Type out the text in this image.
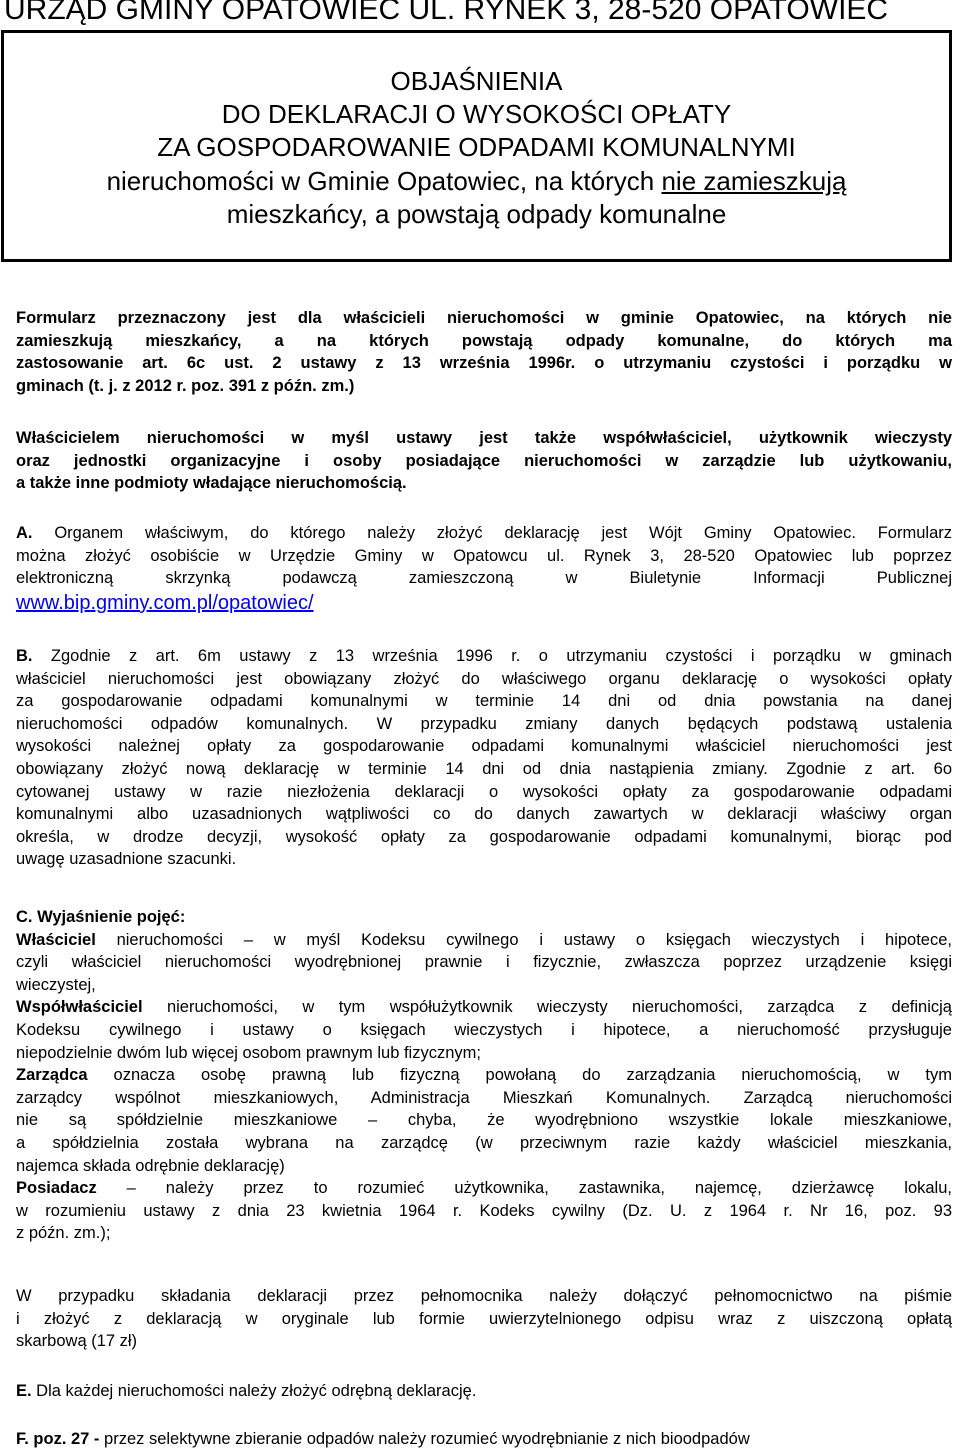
URZĄD GMINY OPATOWIEC UL. RYNEK 3, 28-520 OPATOWIEC
OBJAŚNIENIA
DO DEKLARACJI O WYSOKOŚCI OPŁATY
ZA GOSPODAROWANIE ODPADAMI KOMUNALNYMI
nieruchomości w Gminie Opatowiec, na których nie zamieszkują
mieszkańcy, a powstają odpady komunalne
Formularz przeznaczony jest dla właścicieli nieruchomości w gminie Opatowiec, na których nie
zamieszkują mieszkańcy, a na których powstają odpady komunalne, do których ma
zastosowanie art. 6c ust. 2 ustawy z 13 września 1996r. o utrzymaniu czystości i porządku w
gminach (t. j. z 2012 r. poz. 391 z późn. zm.)
Właścicielem nieruchomości w myśl ustawy jest także współwłaściciel, użytkownik wieczysty
oraz jednostki organizacyjne i osoby posiadające nieruchomości w zarządzie lub użytkowaniu,
a także inne podmioty władające nieruchomością.
A. Organem właściwym, do którego należy złożyć deklarację jest Wójt Gminy Opatowiec. Formularz
można złożyć osobiście w Urzędzie Gminy w Opatowcu ul. Rynek 3, 28-520 Opatowiec lub poprzez
elektroniczną skrzynką podawczą zamieszczoną w Biuletynie Informacji Publicznej
www.bip.gminy.com.pl/opatowiec/
B. Zgodnie z art. 6m ustawy z 13 września 1996 r. o utrzymaniu czystości i porządku w gminach
właściciel nieruchomości jest obowiązany złożyć do właściwego organu deklarację o wysokości opłaty
za gospodarowanie odpadami komunalnymi w terminie 14 dni od dnia powstania na danej
nieruchomości odpadów komunalnych. W przypadku zmiany danych będących podstawą ustalenia
wysokości należnej opłaty za gospodarowanie odpadami komunalnymi właściciel nieruchomości jest
obowiązany złożyć nową deklarację w terminie 14 dni od dnia nastąpienia zmiany. Zgodnie z art. 6o
cytowanej ustawy w razie niezłożenia deklaracji o wysokości opłaty za gospodarowanie odpadami
komunalnymi albo uzasadnionych wątpliwości co do danych zawartych w deklaracji właściwy organ
określa, w drodze decyzji, wysokość opłaty za gospodarowanie odpadami komunalnymi, biorąc pod
uwagę uzasadnione szacunki.
C. Wyjaśnienie pojęć:
Właściciel nieruchomości – w myśl Kodeksu cywilnego i ustawy o księgach wieczystych i hipotece,
czyli właściciel nieruchomości wyodrębnionej prawnie i fizycznie, zwłaszcza poprzez urządzenie księgi
wieczystej,
Współwłaściciel nieruchomości, w tym współużytkownik wieczysty nieruchomości, zarządca z definicją
Kodeksu cywilnego i ustawy o księgach wieczystych i hipotece, a nieruchomość przysługuje
niepodzielnie dwóm lub więcej osobom prawnym lub fizycznym;
Zarządca oznacza osobę prawną lub fizyczną powołaną do zarządzania nieruchomością, w tym
zarządcy wspólnot mieszkaniowych, Administracja Mieszkań Komunalnych. Zarządcą nieruchomości
nie są spółdzielnie mieszkaniowe – chyba, że wyodrębniono wszystkie lokale mieszkaniowe,
a spółdzielnia została wybrana na zarządcę (w przeciwnym razie każdy właściciel mieszkania,
najemca składa odrębnie deklarację)
Posiadacz – należy przez to rozumieć użytkownika, zastawnika, najemcę, dzierżawcę lokalu,
w rozumieniu ustawy z dnia 23 kwietnia 1964 r. Kodeks cywilny (Dz. U. z 1964 r. Nr 16, poz. 93
z późn. zm.);
W przypadku składania deklaracji przez pełnomocnika należy dołączyć pełnomocnictwo na piśmie
i złożyć z deklaracją w oryginale lub formie uwierzytelnionego odpisu wraz z uiszczoną opłatą
skarbową (17 zł)
E. Dla każdej nieruchomości należy złożyć odrębną deklarację.
F. poz. 27 - przez selektywne zbieranie odpadów należy rozumieć wyodrębnianie z nich bioodpadów
